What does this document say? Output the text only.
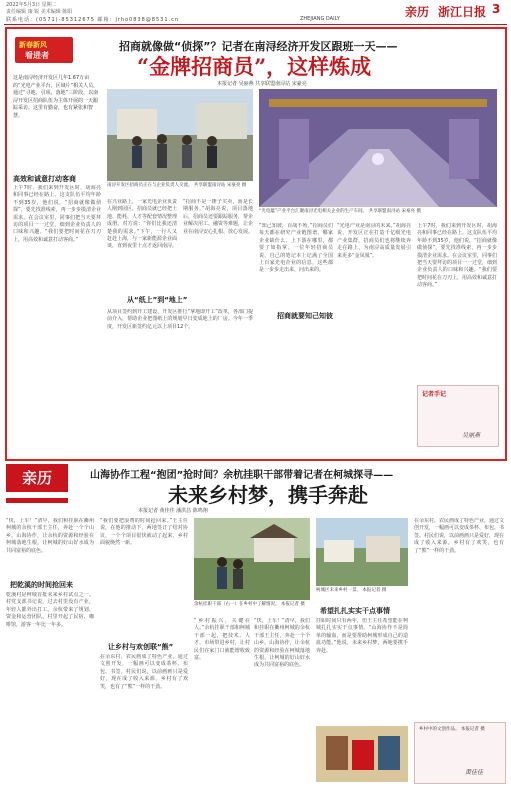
2022年5月3日 星期二
责任编辑 康 锐 美术编辑 陈阳
联系电话：(0571)-85312675 邮箱：jrho0838@8531.cn	ZHEJIANG DAILY	亲历 浙江日报 3
新春新风
看进者
招商就像做“侦探”？记者在南浔经济开发区跟班一天——
“金牌招商员”，这样炼成
本报记者 吴丽燕 共享联盟南浔站 宋豪亮
这是南浔经济开发区几年1.67万亩的“光电产业平台、区域片”相关人员，通过“寻地、引项、落地”三阶段，以南浔开发区招商队伍为主体开展的一天跟踪采访。这里有勤奋，也有紧张和智慧。
高效和诚意打动客商
上午7时，我们来到开发区时，胡海亮和同事已经在路上。这支队伍平均年龄不到35岁，他们说，“招商就像做侦探”，要先找准线索，再一步步摸清企业需求。在会议室里，同事们把当天要拜访的项目一一过堂，细到企业负责人的口味和兴趣。“我们要把时间花在刀刃上，用高效和诚意打动客商。”
南浔开发区招商员正在与企业负责人交流。 共享联盟南浔站 宋豪亮 摄
在兴业路上，一家光电企业负责人刚到园区，招商员就已经把土地、能耗、人才等配套情况整理成册。对方说：“你们比我还清楚我的需求。”下午，一行人又赶赴上海，与一家新能源企业面谈，直到夜里十点才返回南浔。
“招商不是一锤子买卖，而是长期服务。”胡海亮说，项目落地后，招商员还要跟踪服务，帮企业解决用工、融资等难题，让企业在南浔安心扎根、放心发展。
从“纸上”到“地上”
从项目签约到开工建设，开发区推行“拿地即开工”改革，各部门提前介入，帮助企业把图纸上的规划早日变成地上的厂房。今年一季度，开发区新签约亿元以上项目12个。
“光电蕴”产业平台汇聚南浔光电相关企业的生产车间。 共享联盟南浔站 宋豪亮 摄
“知己知彼，百战不殆。”招商员们每天都在研究产业链图谱，哪家企业缺什么，上下游在哪里，都要了如指掌。一位年轻招商员说，自己的笔记本上记满了全国上百家光电企业的信息，这些都是一步步走出来、问出来的。
招商就要知己知彼
“光电产业是南浔的未来。”胡海亮说，开发区正在打造千亿级光电产业集群，招商员们也将继续奔走在路上，为南浔高质量发展引来更多“金凤凰”。
上午7时，我们来到开发区时，胡海亮和同事已经在路上。这支队伍平均年龄不到35岁，他们说，“招商就像做侦探”，要先找准线索，再一步步摸清企业需求。在会议室里，同事们把当天要拜访的项目一一过堂，细到企业负责人的口味和兴趣。“我们要把时间花在刀刃上，用高效和诚意打动客商。”
记者手记
吴丽燕
亲历	山海协作工程“抱团”抢时间？余杭挂职干部带着记者在柯城探寻——
未来乡村梦，携手奔赴
本报记者 黄佳佳 潘洪昌 陈鸣翔
“快，上车！”清早，我们和挂职在衢州柯城的余杭干部王主任，奔赴一个个山乡。山海协作，让余杭的资源和经验在柯城落地生根，让柯城的好山好水成为共同富裕的底色。
把乾溪的时间抢回来
乾溪村是柯城首批未来乡村试点之一。村党支部书记说，过去村里没有产业，年轻人都外出打工。余杭带来了规划、资金和运营团队，村里开起了民宿、咖啡馆，游客一年比一年多。
“我们要把浪费的时间抢回来。”王主任说，在他的推动下，两地签订了结对协议，一个个项目很快就动了起来，乡村面貌焕然一新。
让乡村与欢创联“熊”
在余东村，农民画成了特色产业，通过文创开发，一幅画可以变成茶杯、布包、书签。村民们说，以前画画只是爱好，现在成了收入来源，乡村有了欢笑，也有了“熊”一样的干劲。
余杭挂职干部（右一）在乡村中了解情况。 本报记者 摄
“乡村振兴，关键在人。”余杭挂职干部和柯城干部一起，把技术、人才、市场带进乡村，让村民们在家门口就能增收致富。
“快，上车！”清早，我们和挂职在衢州柯城的余杭干部王主任，奔赴一个个山乡。山海协作，让余杭的资源和经验在柯城落地生根，让柯城的好山好水成为共同富裕的底色。
柯城区未来乡村一景。 本报记者 摄
希望扎扎实实干点事情
挂职时间只有两年，但王主任希望能在柯城扎扎实实干点事情。“山海协作不是简单的输血，而是要帮助柯城形成自己的造血功能。”他说，未来乡村梦，两地要携手奔赴。
在余东村，农民画成了特色产业，通过文创开发，一幅画可以变成茶杯、布包、书签。村民们说，以前画画只是爱好，现在成了收入来源，乡村有了欢笑，也有了“熊”一样的干劲。
乡村中的文创作品。 本报记者 摄
黄佳佳
